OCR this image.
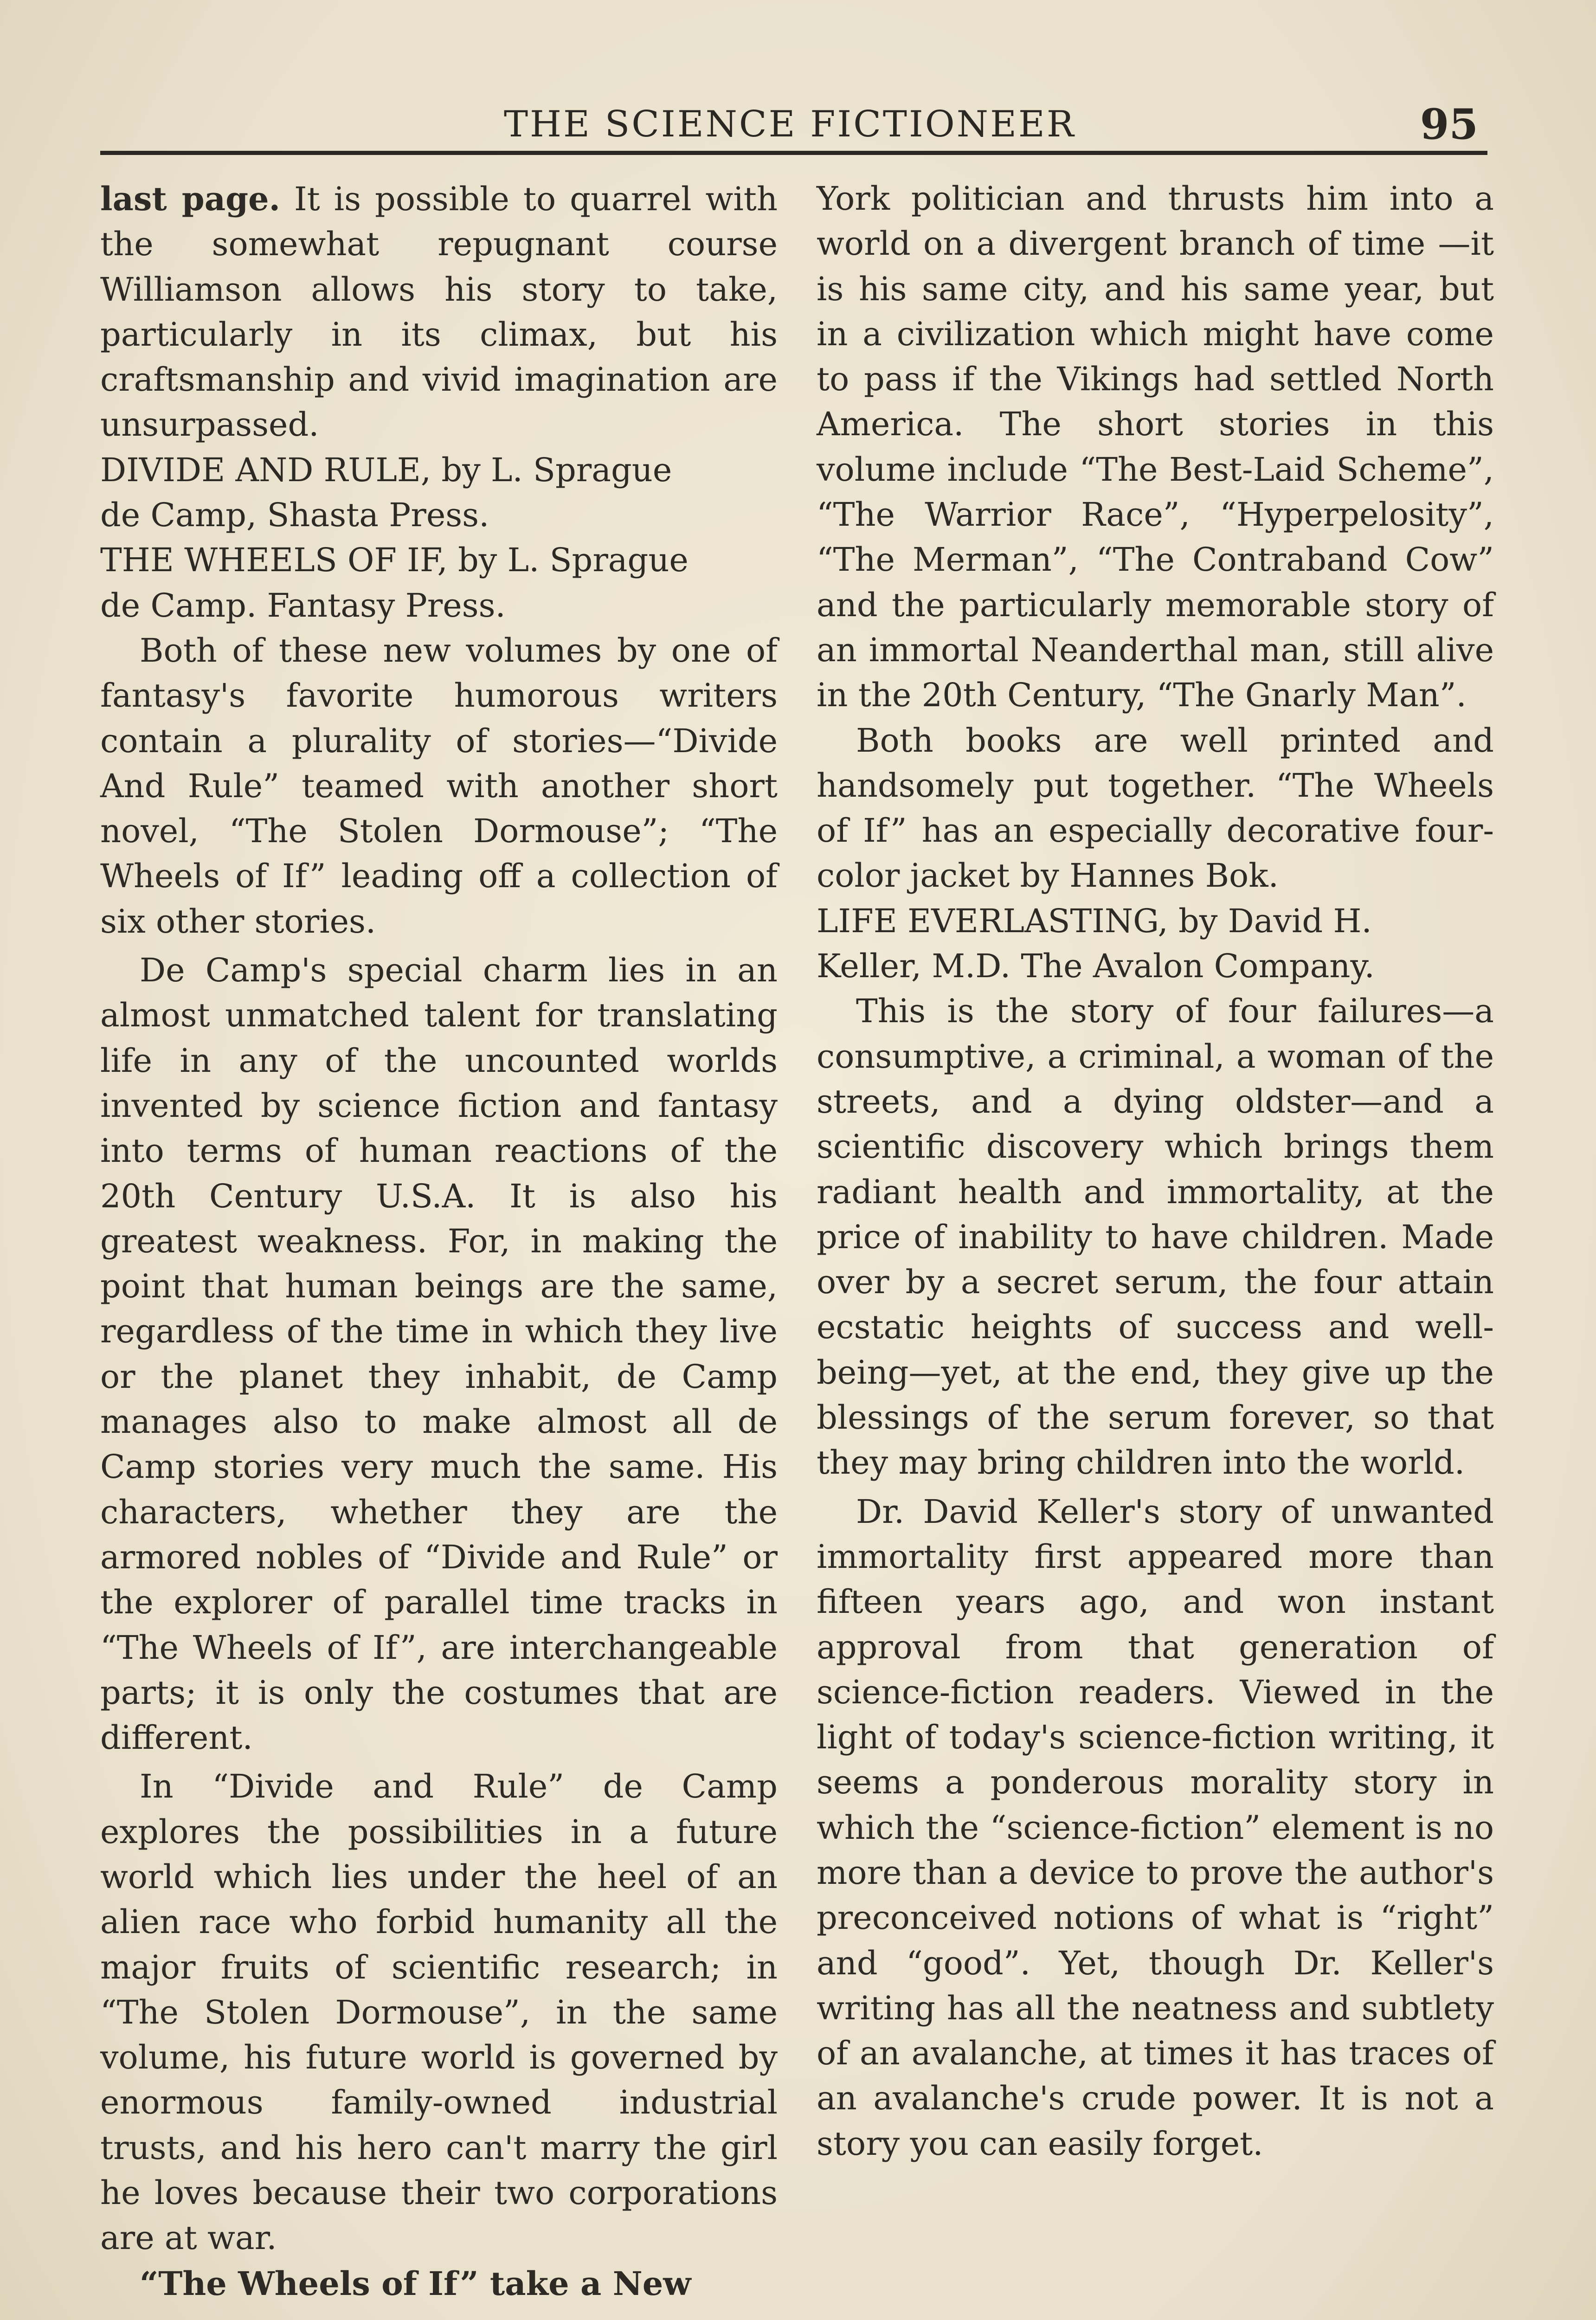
THE SCIENCE FICTIONEER	95

last page. It is possible to quarrel with the somewhat repugnant course Williamson allows his story to take, particularly in its climax, but his craftsmanship and vivid imagination are unsurpassed.

DIVIDE AND RULE, by L. Sprague

de Camp, Shasta Press.

THE WHEELS OF IF, by L. Sprague

de Camp. Fantasy Press.

Both of these new volumes by one of fantasy's favorite humorous writers contain a plurality of stories—“Divide And Rule” teamed with another short novel, “The Stolen Dormouse”; “The Wheels of If” leading off a collection of six other stories.

De Camp's special charm lies in an almost unmatched talent for translating life in any of the uncounted worlds invented by science fiction and fantasy into terms of human reactions of the 20th Century U.S.A. It is also his greatest weakness. For, in making the point that human beings are the same, regardless of the time in which they live or the planet they inhabit, de Camp manages also to make almost all de Camp stories very much the same. His characters, whether they are the armored nobles of “Divide and Rule” or the explorer of parallel time tracks in “The Wheels of If”, are interchangeable parts; it is only the costumes that are different.

In “Divide and Rule” de Camp explores the possibilities in a future world which lies under the heel of an alien race who forbid humanity all the major fruits of scientific research; in “The Stolen Dormouse”, in the same volume, his future world is governed by enormous family-owned industrial trusts, and his hero can't marry the girl he loves because their two corporations are at war.

“The Wheels of If” take a New

York politician and thrusts him into a world on a divergent branch of time —it is his same city, and his same year, but in a civilization which might have come to pass if the Vikings had settled North America. The short stories in this volume include “The Best-Laid Scheme”, “The Warrior Race”, “Hyperpelosity”, “The Merman”, “The Contraband Cow” and the particularly memorable story of an immortal Neanderthal man, still alive in the 20th Century, “The Gnarly Man”.

Both books are well printed and handsomely put together. “The Wheels of If” has an especially decorative four-color jacket by Hannes Bok.

LIFE EVERLASTING, by David H.

Keller, M.D. The Avalon Company.

This is the story of four failures—a consumptive, a criminal, a woman of the streets, and a dying oldster—and a scientific discovery which brings them radiant health and immortality, at the price of inability to have children. Made over by a secret serum, the four attain ecstatic heights of success and well-being—yet, at the end, they give up the blessings of the serum forever, so that they may bring children into the world.

Dr. David Keller's story of unwanted immortality first appeared more than fifteen years ago, and won instant approval from that generation of science-fiction readers. Viewed in the light of today's science-fiction writing, it seems a ponderous morality story in which the “science-fiction” element is no more than a device to prove the author's preconceived notions of what is “right” and “good”. Yet, though Dr. Keller's writing has all the neatness and subtlety of an avalanche, at times it has traces of an avalanche's crude power. It is not a story you can easily forget.
